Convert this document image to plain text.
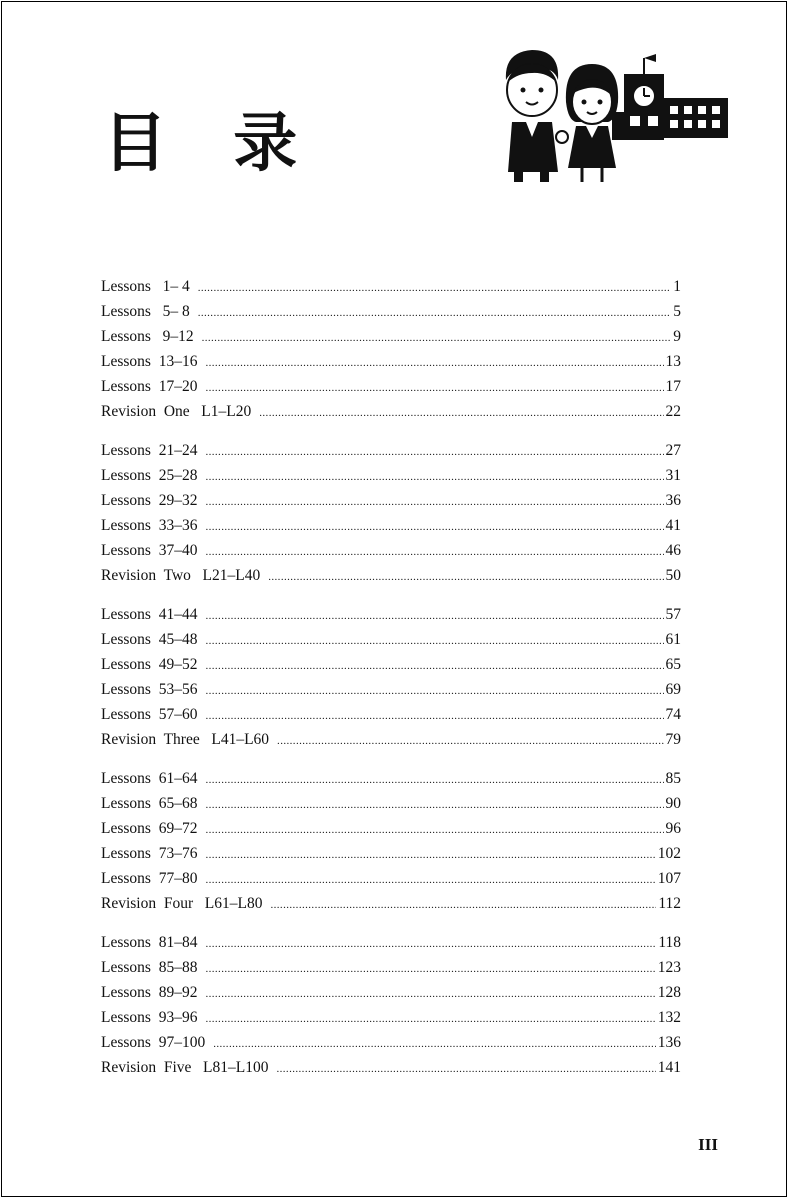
目 录
Lessons   1– 4 .....	1
Lessons   5– 8 .....	5
Lessons   9–12 .....	9
Lessons  13–16 .....	13
Lessons  17–20 .....	17
Revision  One   L1–L20 .....	22
Lessons  21–24 .....	27
Lessons  25–28 .....	31
Lessons  29–32 .....	36
Lessons  33–36 .....	41
Lessons  37–40 .....	46
Revision  Two   L21–L40 .....	50
Lessons  41–44 .....	57
Lessons  45–48 .....	61
Lessons  49–52 .....	65
Lessons  53–56 .....	69
Lessons  57–60 .....	74
Revision  Three   L41–L60 .....	79
Lessons  61–64 .....	85
Lessons  65–68 .....	90
Lessons  69–72 .....	96
Lessons  73–76 .....	102
Lessons  77–80 .....	107
Revision  Four   L61–L80 .....	112
Lessons  81–84 .....	118
Lessons  85–88 .....	123
Lessons  89–92 .....	128
Lessons  93–96 .....	132
Lessons  97–100 .....	136
Revision  Five   L81–L100 .....	141
III
